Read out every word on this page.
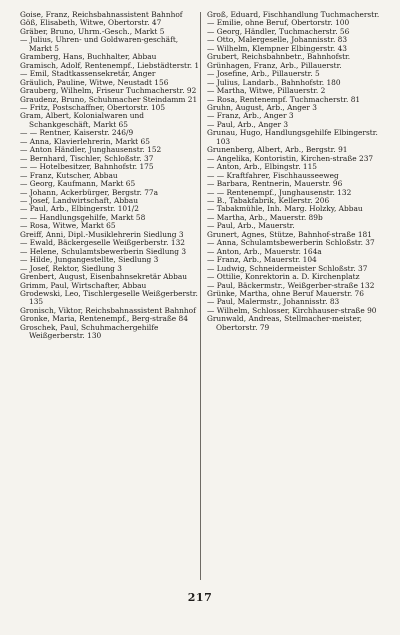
Goise, Franz, Reichsbahnassistent Bahnhof

Göß, Elisabeth, Witwe, Obertorstr. 47

Gräber, Bruno, Uhrm.-Gesch., Markt 5

— Julius, Uhren- und Goldwaren-geschäft, Markt 5

Gramberg, Hans, Buchhalter, Abbau

Gramisch, Adolf, Rentenempf., Liebstädterstr. 1

— Emil, Stadtkassensekretär, Anger

Gräulich, Pauline, Witwe, Neustadt 156

Grauberg, Wilhelm, Friseur Tuchmacherstr. 92

Graudenz, Bruno, Schuhmacher Steindamm 21

— Fritz, Postschaffner, Obertorstr. 105

Gram, Albert, Kolonialwaren und Schankgeschäft, Markt 65

— — Rentner, Kaiserstr. 246/9

— Anna, Klavierlehrerin, Markt 65

— Anton Händler, Junghausenstr. 152

— Bernhard, Tischler, Schloßstr. 37

— — Hotelbesitzer, Bahnhofstr. 175

— Franz, Kutscher, Abbau

— Georg, Kaufmann, Markt 65

— Johann, Ackerbürger, Bergstr. 77a

— Josef, Landwirtschaft, Abbau

— Paul, Arb., Elbingerstr. 101/2

— — Handlungsgehilfe, Markt 58

— Rosa, Witwe, Markt 65

Greiff, Anni, Dipl.-Musiklehrerin Siedlung 3

— Ewald, Bäckergeselle Weißgerberstr. 132

— Helene, Schulamtsbewerberin Siedlung 3

— Hilde, Jungangestellte, Siedlung 3

— Josef, Rektor, Siedlung 3

Grenbert, August, Eisenbahnsekretär Abbau

Grimm, Paul, Wirtschafter, Abbau

Grodewski, Leo, Tischlergeselle Weißgerberstr. 135

Gronisch, Viktor, Reichsbahnassistent Bahnhof

Gronke, Maria, Rentenempf., Berg-straße 84

Groschek, Paul, Schuhmachergehilfe Weißgerberstr. 130

Groß, Eduard, Fischhandlung Tuchmacherstr.

— Emilie, ohne Beruf, Obertorstr. 100

— Georg, Händler, Tuchmacherstr. 56

— Otto, Malergeselle, Johannisstr. 83

— Wilhelm, Klempner Elbingerstr. 43

Grubert, Reichsbahnbetr., Bahnhofstr.

Grünhagen, Franz, Arb., Pillauerstr.

— Josefine, Arb., Pillauerstr. 5

— Julius, Landarb., Bahnhofstr. 180

— Martha, Witwe, Pillauerstr. 2

— Rosa, Rentenempf. Tuchmacherstr. 81

Gruhn, August, Arb., Anger 3

— Franz, Arb., Anger 3

— Paul, Arb., Anger 3

Grunau, Hugo, Handlungsgehilfe Elbingerstr. 103

Grunenberg, Albert, Arb., Bergstr. 91

— Angelika, Kontoristin, Kirchen-straße 237

— Anton, Arb., Elbingstr. 115

— — Kraftfahrer, Fischhausseeweg

— Barbara, Rentnerin, Mauerstr. 96

— — Rentenempf., Junghausenstr. 132

— B., Tabakfabrik, Kellerstr. 206

— Tabakmühle, Inh. Marg. Holzky, Abbau

— Martha, Arb., Mauerstr. 89b

— Paul, Arb., Mauerstr.

Grunert, Agnes, Stütze, Bahnhof-straße 181

— Anna, Schulamtsbewerberin Schloßstr. 37

— Anton, Arb., Mauerstr. 164a

— Franz, Arb., Mauerstr. 104

— Ludwig, Schneidermeister Schloßstr. 37

— Ottilie, Konrektorin a. D. Kirchenplatz

— Paul, Bäckermstr., Weißgerber-straße 132

Grünke, Martha, ohne Beruf Mauerstr. 76

— Paul, Malermstr., Johannisstr. 83

— Wilhelm, Schlosser, Kirchhauser-straße 90

Grunwald, Andreas, Stellmacher-meister, Obertorstr. 79

217
